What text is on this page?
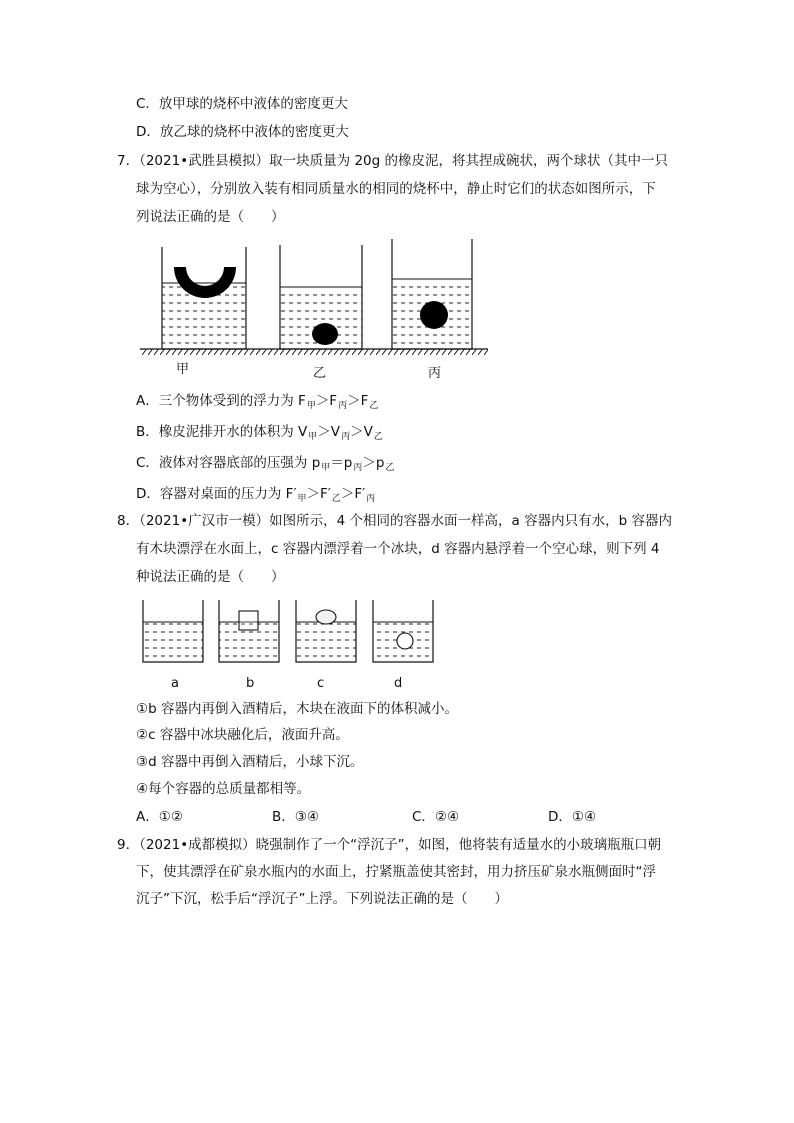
C．放甲球的烧杯中液体的密度更大
D．放乙球的烧杯中液体的密度更大
7．（2021•武胜县模拟）取一块质量为 20g 的橡皮泥，将其捏成碗状，两个球状（其中一只
球为空心），分别放入装有相同质量水的相同的烧杯中，静止时它们的状态如图所示，下
列说法正确的是（　　）
甲	乙	丙
A．三个物体受到的浮力为 $F_甲>F_丙>F_乙$
B．橡皮泥排开水的体积为 $V_甲>V_丙>V_乙$
C．液体对容器底部的压强为 $p_甲=p_丙>p_乙$
D．容器对桌面的压力为 $F'_甲>F'_乙>F'_丙$
8．（2021•广汉市一模）如图所示，4 个相同的容器水面一样高，a 容器内只有水，b 容器内
有木块漂浮在水面上，c 容器内漂浮着一个冰块，d 容器内悬浮着一个空心球，则下列 4
种说法正确的是（　　）
a	b	c	d
①b 容器内再倒入酒精后，木块在液面下的体积减小。
②c 容器中冰块融化后，液面升高。
③d 容器中再倒入酒精后，小球下沉。
④每个容器的总质量都相等。
A．①②	B．③④	C．②④	D．①④
9．（2021•成都模拟）晓强制作了一个“浮沉子”，如图，他将装有适量水的小玻璃瓶瓶口朝
下，使其漂浮在矿泉水瓶内的水面上，拧紧瓶盖使其密封，用力挤压矿泉水瓶侧面时“浮
沉子”下沉，松手后“浮沉子”上浮。下列说法正确的是（　　）
